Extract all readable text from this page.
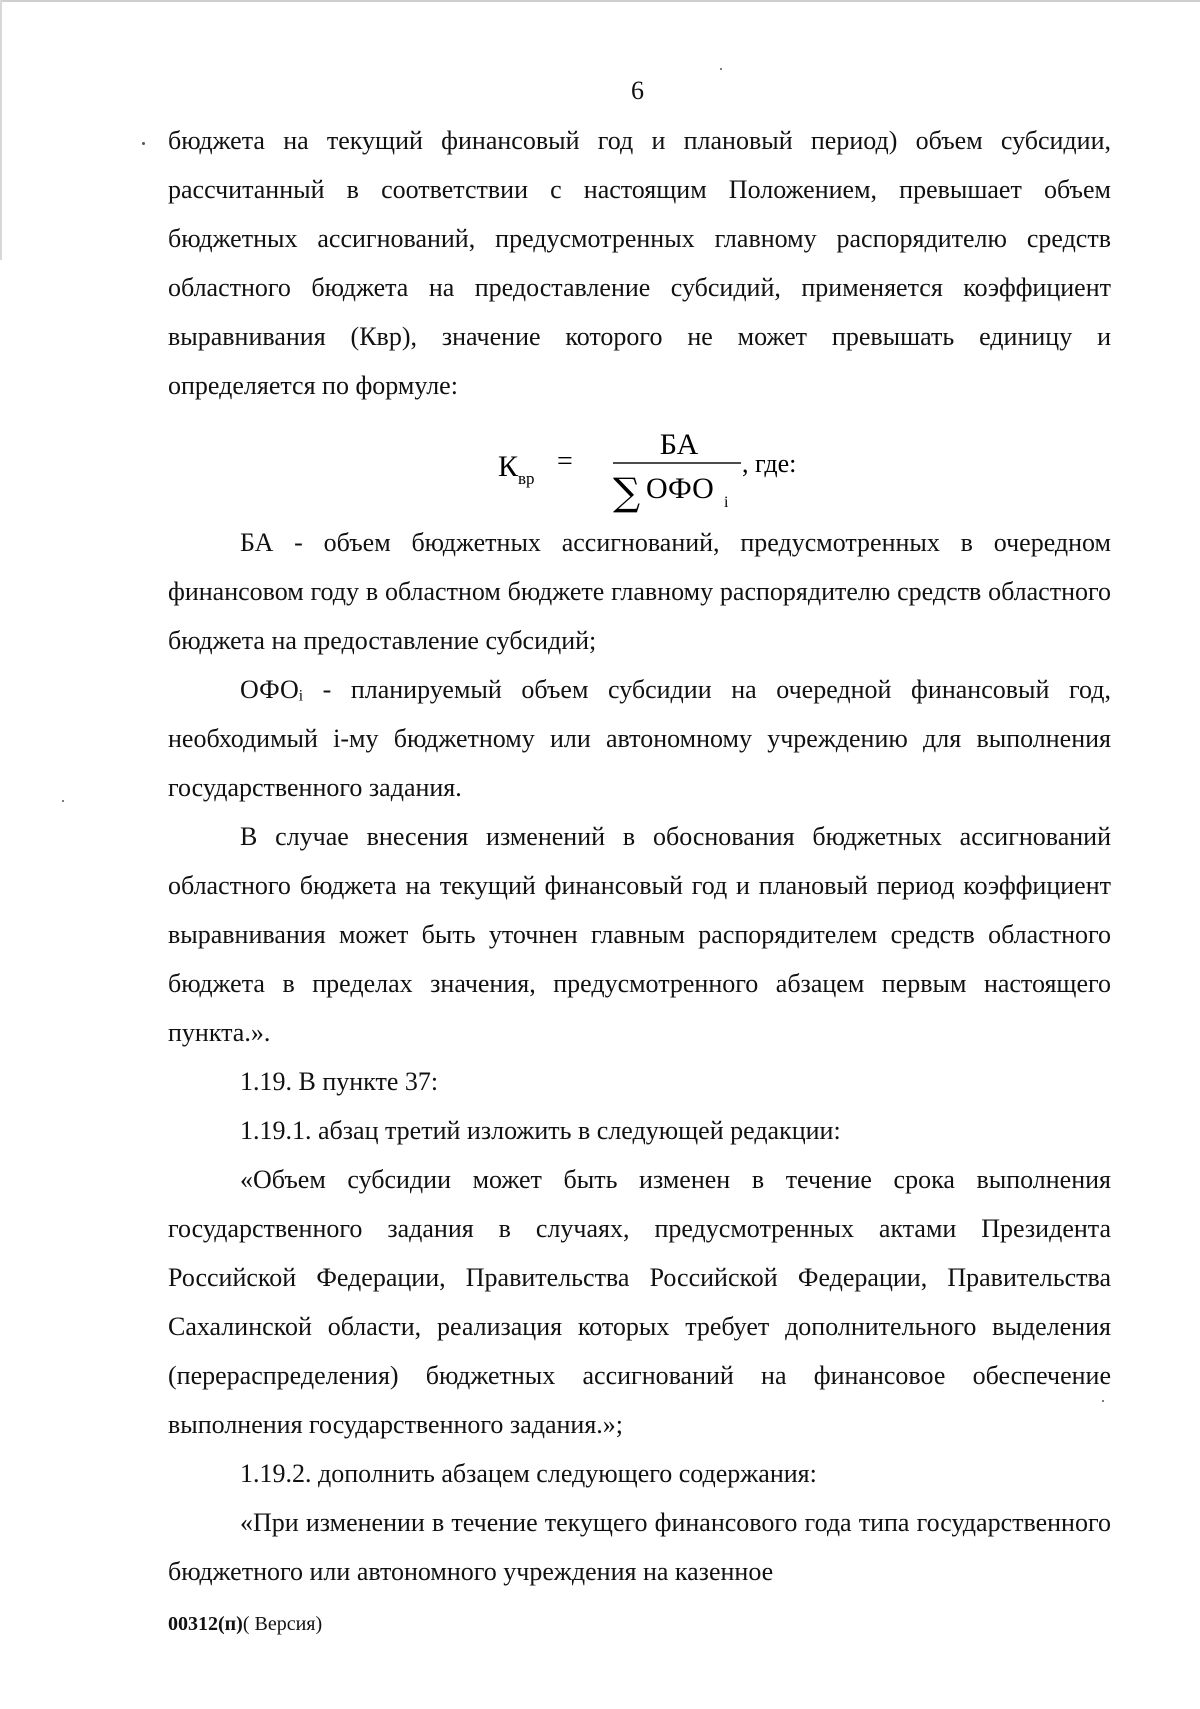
6

бюджета на текущий финансовый год и плановый период) объем субсидии, рассчитанный в соответствии с настоящим Положением, превышает объем бюджетных ассигнований, предусмотренных главному распорядителю средств областного бюджета на предоставление субсидий, применяется коэффициент выравнивания (Квр), значение которого не может превышать единицу и определяется по формуле:

БА
К вр
=
∑ ОФО i
, где:

БА - объем бюджетных ассигнований, предусмотренных в очередном финансовом году в областном бюджете главному распорядителю средств областного бюджета на предоставление субсидий;

ОФОᵢ - планируемый объем субсидии на очередной финансовый год, необходимый i-му бюджетному или автономному учреждению для выполнения государственного задания.

В случае внесения изменений в обоснования бюджетных ассигнований областного бюджета на текущий финансовый год и плановый период коэффициент выравнивания может быть уточнен главным распорядителем средств областного бюджета в пределах значения, предусмотренного абзацем первым настоящего пункта.».

1.19. В пункте 37:

1.19.1. абзац третий изложить в следующей редакции:

«Объем субсидии может быть изменен в течение срока выполнения государственного задания в случаях, предусмотренных актами Президента Российской Федерации, Правительства Российской Федерации, Правительства Сахалинской области, реализация которых требует дополнительного выделения (перераспределения) бюджетных ассигнований на финансовое обеспечение выполнения государственного задания.»;

1.19.2. дополнить абзацем следующего содержания:

«При изменении в течение текущего финансового года типа государственного бюджетного или автономного учреждения на казенное

00312(п)( Версия)
